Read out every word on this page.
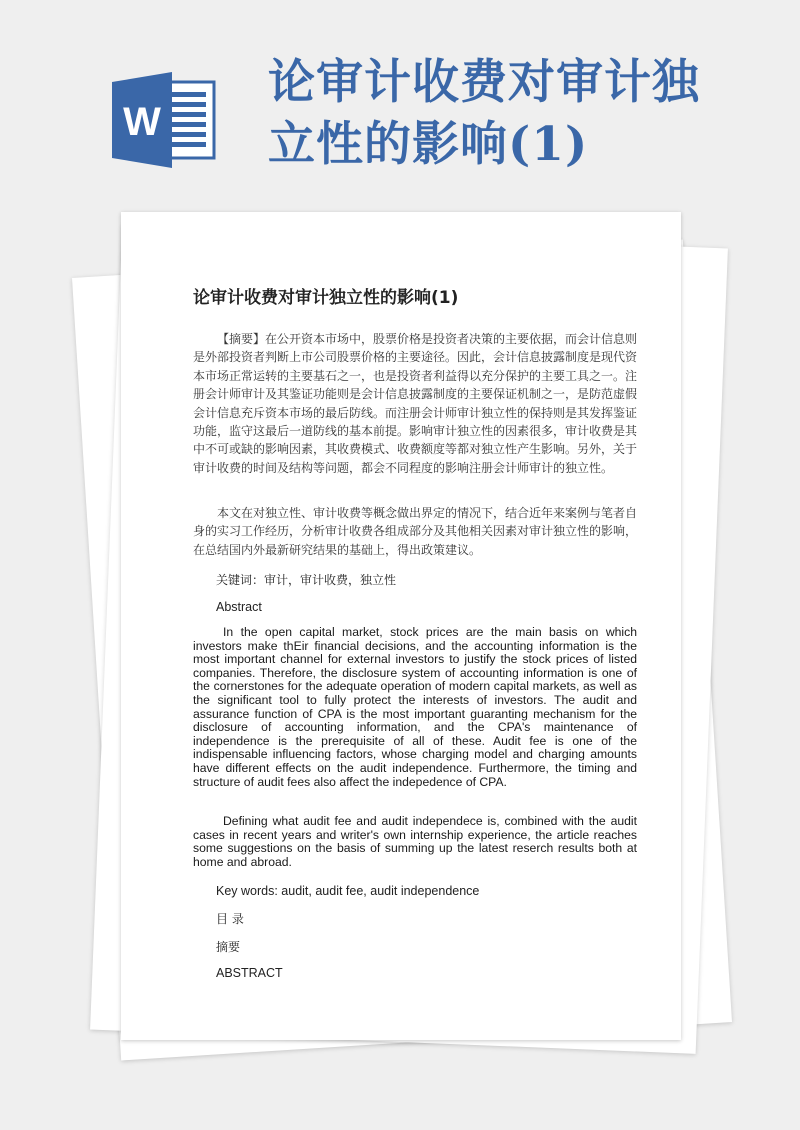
W
论审计收费对审计独立性的影响(1)
论审计收费对审计独立性的影响(1)

【摘要】在公开资本市场中，股票价格是投资者决策的主要依据，而会计信息则是外部投资者判断上市公司股票价格的主要途径。因此，会计信息披露制度是现代资本市场正常运转的主要基石之一，也是投资者利益得以充分保护的主要工具之一。注册会计师审计及其鉴证功能则是会计信息披露制度的主要保证机制之一，是防范虚假会计信息充斥资本市场的最后防线。而注册会计师审计独立性的保持则是其发挥鉴证功能，监守这最后一道防线的基本前提。影响审计独立性的因素很多，审计收费是其中不可或缺的影响因素，其收费模式、收费额度等都对独立性产生影响。另外，关于审计收费的时间及结构等问题，都会不同程度的影响注册会计师审计的独立性。

本文在对独立性、审计收费等概念做出界定的情况下，结合近年来案例与笔者自身的实习工作经历，分析审计收费各组成部分及其他相关因素对审计独立性的影响，在总结国内外最新研究结果的基础上，得出政策建议。

关键词：审计，审计收费，独立性

Abstract

In the open capital market, stock prices are the main basis on which investors make thEir financial decisions, and the accounting information is the most important channel for external investors to justify the stock prices of listed companies. Therefore, the disclosure system of accounting information is one of the cornerstones for the adequate operation of modern capital markets, as well as the significant tool to fully protect the interests of investors. The audit and assurance function of CPA is the most important guaranting mechanism for the disclosure of accounting information, and the CPA's maintenance of independence is the prerequisite of all of these. Audit fee is one of the indispensable influencing factors, whose charging model and charging amounts have different effects on the audit independence. Furthermore, the timing and structure of audit fees also affect the indepedence of CPA.

Defining what audit fee and audit independece is, combined with the audit cases in recent years and writer's own internship experience, the article reaches some suggestions on the basis of summing up the latest reserch results both at home and abroad.

Key words: audit, audit fee, audit independence

目 录

摘要

ABSTRACT
